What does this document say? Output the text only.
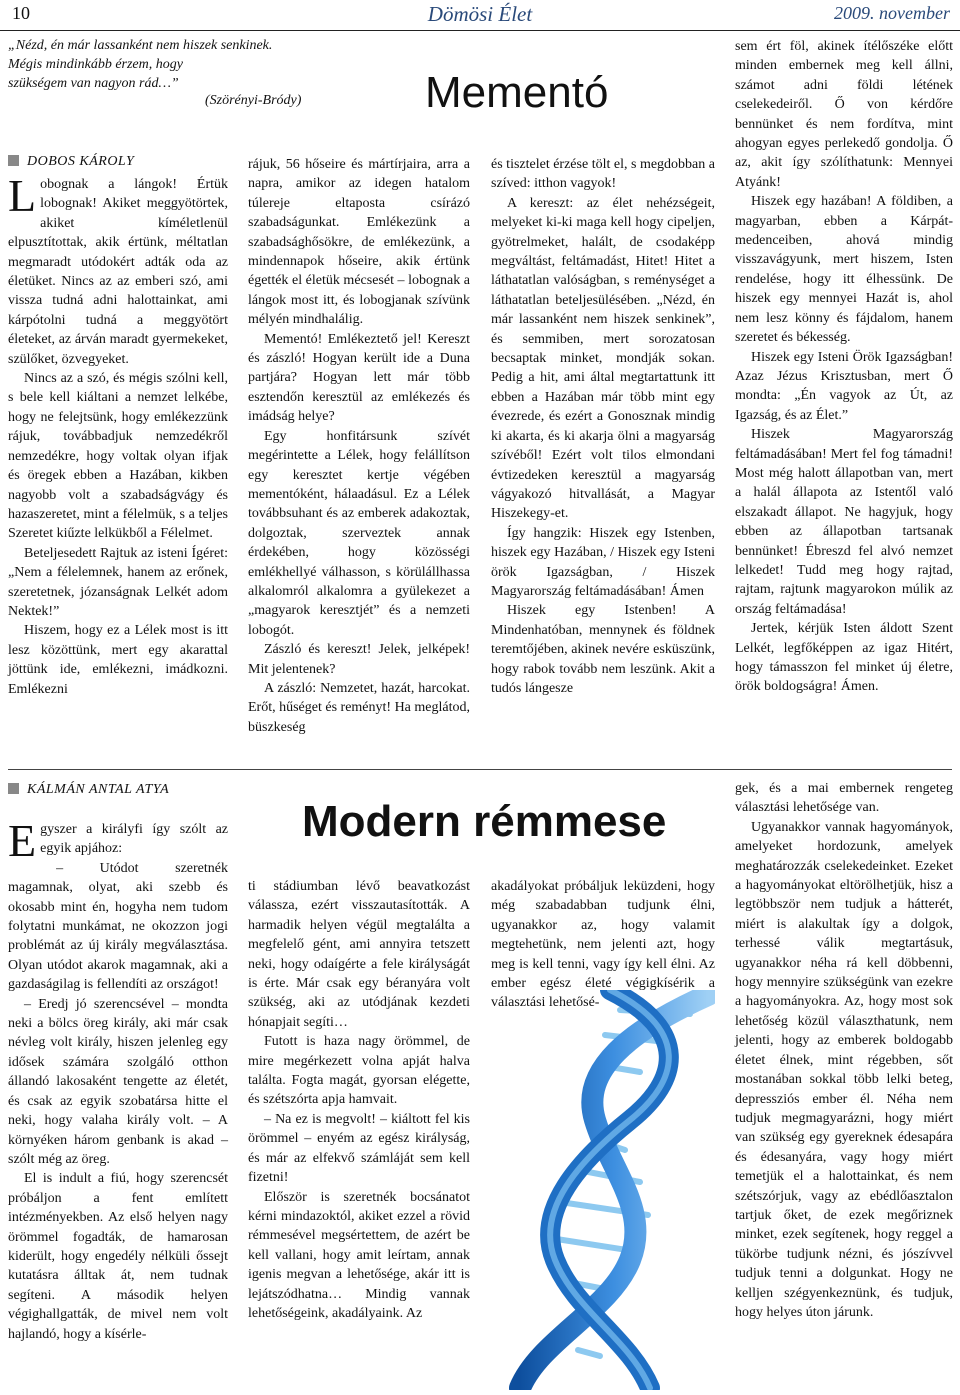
10	Dömösi Élet	2009. november
„Nézd, én már lassanként nem hiszek senkinek.
Mégis mindinkább érzem, hogy
szükségem van nagyon rád…”
(Szörényi-Bródy)	Mementó
DOBOS KÁROLY

Lobognak a lángok! Értük lobognak! Akiket meggyötörtek, akiket kíméletlenül elpusztítottak, akik értünk, méltatlan megmaradt utódokért adták oda az életüket. Nincs az az emberi szó, ami vissza tudná adni halottainkat, ami kárpótolni tudná a meggyötört életeket, az árván maradt gyermekeket, szülőket, özvegyeket.

Nincs az a szó, és mégis szólni kell, s bele kell kiáltani a nemzet lelkébe, hogy ne felejtsünk, hogy emlékezzünk rájuk, továbbadjuk nemzedékről nemzedékre, hogy voltak olyan ifjak és öregek ebben a Hazában, kikben nagyobb volt a szabadságvágy és hazaszeretet, mint a félelmük, s a teljes Szeretet kiűzte lelkükből a Félelmet.

Beteljesedett Rajtuk az isteni Ígéret: „Nem a félelemnek, hanem az erőnek, szeretetnek, józanságnak Lelkét adom Nektek!”

Hiszem, hogy ez a Lélek most is itt lesz közöttünk, mert egy akarattal jöttünk ide, emlékezni, imádkozni. Emlékezni

rájuk, 56 hőseire és mártírjaira, arra a napra, amikor az idegen hatalom túlereje eltaposta csírázó szabadságunkat. Emlékezünk a szabadsághősökre, de emlékezünk, a mindennapok hőseire, akik értünk égették el életük mécsesét – lobognak a lángok most itt, és lobogjanak szívünk mélyén mindhalálig.

Mementó! Emlékeztető jel! Kereszt és zászló! Hogyan került ide a Duna partjára? Hogyan lett már több esztendőn keresztül az emlékezés és imádság helye?

Egy honfitársunk szívét megérintette a Lélek, hogy felállítson egy keresztet kertje végében mementóként, hálaadásul. Ez a Lélek továbbsuhant és az emberek adakoztak, dolgoztak, szerveztek annak érdekében, hogy közösségi emlékhellyé válhasson, s körülállhassa alkalomról alkalomra a gyülekezet a „magyarok keresztjét” és a nemzeti lobogót.

Zászló és kereszt! Jelek, jelképek! Mit jelentenek?

A zászló: Nemzetet, hazát, harcokat. Erőt, hűséget és reményt! Ha meglátod, büszkeség

és tisztelet érzése tölt el, s megdobban a szíved: itthon vagyok!

A kereszt: az élet nehézségeit, melyeket ki-ki maga kell hogy cipeljen, gyötrelmeket, halált, de csodaképp megváltást, feltámadást, Hitet! Hitet a láthatatlan valóságban, s reménységet a láthatatlan beteljesülésében. „Nézd, én már lassanként nem hiszek senkinek”, és semmiben, mert sorozatosan becsaptak minket, mondják sokan. Pedig a hit, ami által megtartattunk itt ebben a Hazában már több mint egy évezrede, és ezért a Gonosznak mindig ki akarta, és ki akarja ölni a magyarság szívéből! Ezért volt tilos elmondani évtizedeken keresztül a magyarság vágyakozó hitvallását, a Magyar Hiszekegy-et.

Így hangzik: Hiszek egy Istenben, hiszek egy Hazában, / Hiszek egy Isteni örök Igazságban, / Hiszek Magyarország feltámadásában! Ámen

Hiszek egy Istenben! A Mindenhatóban, mennynek és földnek teremtőjében, akinek nevére esküszünk, hogy rabok tovább nem leszünk. Akit a tudós lángesze

sem ért föl, akinek ítélőszéke előtt minden embernek meg kell állni, számot adni földi létének cselekedeiről. Ő von kérdőre bennünket és nem fordítva, mint ahogyan egyes perlekedő gondolja. Ő az, akit így szólíthatunk: Mennyei Atyánk!

Hiszek egy hazában! A földiben, a magyarban, ebben a Kárpát-medenceiben, ahová mindig visszavágyunk, mert hiszem, Isten rendelése, hogy itt élhessünk. De hiszek egy mennyei Hazát is, ahol nem lesz könny és fájdalom, hanem szeretet és békesség.

Hiszek egy Isteni Örök Igazságban! Azaz Jézus Krisztusban, mert Ő mondta: „Én vagyok az Út, az Igazság, és az Élet.”

Hiszek Magyarország feltámadásában! Mert fel fog támadni! Most még halott állapotban van, mert a halál állapota az Istentől való elszakadt állapot. Ne hagyjuk, hogy ebben az állapotban tartsanak bennünket! Ébreszd fel alvó nemzet lelkedet! Tudd meg hogy rajtad, rajtam, rajtunk magyarokon múlik az ország feltámadása!

Jertek, kérjük Isten áldott Szent Lelkét, legfőképpen az igaz Hitért, hogy támasszon fel minket új életre, örök boldogságra! Ámen.

KÁLMÁN ANTAL ATYA
Modern rémmese

Egyszer a királyfi így szólt az egyik apjához:

– Utódot szeretnék magamnak, olyat, aki szebb és okosabb mint én, hogyha nem tudom folytatni munkámat, ne okozzon jogi problémát az új király megválasztása. Olyan utódot akarok magamnak, aki a gazdaságilag is fellendíti az országot!

– Eredj jó szerencsével – mondta neki a bölcs öreg király, aki már csak névleg volt király, hiszen jelenleg egy idősek számára szolgáló otthon állandó lakosaként tengette az életét, és csak az egyik szobatársa hitte el neki, hogy valaha király volt. – A környéken három genbank is akad – szólt még az öreg.

El is indult a fiú, hogy szerencsét próbáljon a fent említett intézményekben. Az első helyen nagy örömmel fogadták, de hamarosan kiderült, hogy engedély nélküli őssejt kutatásra álltak át, nem tudnak segíteni. A második helyen végighallgatták, de mivel nem volt hajlandó, hogy a kísérle-

ti stádiumban lévő beavatkozást válassza, ezért visszautasították. A harmadik helyen végül megtalálta a megfelelő gént, ami annyira tetszett neki, hogy odaígérte a fele királyságát is érte. Már csak egy béranyára volt szükség, aki az utódjának kezdeti hónapjait segíti…

Futott is haza nagy örömmel, de mire megérkezett volna apját halva találta. Fogta magát, gyorsan elégette, és szétszórta apja hamvait.

– Na ez is megvolt! – kiáltott fel kis örömmel – enyém az egész királyság, és már az elfekvő számláját sem kell fizetni!

Először is szeretnék bocsánatot kérni mindazoktól, akiket ezzel a rövid rémmesével megsértettem, de azért be kell vallani, hogy amit leírtam, annak igenis megvan a lehetősége, akár itt is lejátszódhatna… Mindig vannak lehetőségeink, akadályaink. Az

akadályokat próbáljuk leküzdeni, hogy még szabadabban tudjunk élni, ugyanakkor az, hogy valamit megtehetünk, nem jelenti azt, hogy meg is kell tenni, vagy így kell élni. Az ember egész életé végigkísérik a választási lehetősé-

gek, és a mai embernek rengeteg választási lehetősége van.

Ugyanakkor vannak hagyományok, amelyeket hordozunk, amelyek meghatározzák cselekedeinket. Ezeket a hagyományokat eltörölhetjük, hisz a legtöbbször nem tudjuk a hátterét, miért is alakultak így a dolgok, terhessé válik megtartásuk, ugyanakkor néha rá kell döbbenni, hogy mennyire szükségünk van ezekre a hagyományokra. Az, hogy most sok lehetőség közül választhatunk, nem jelenti, hogy az emberek boldogabb életet élnek, mint régebben, sőt mostanában sokkal több lelki beteg, depressziós ember él. Néha nem tudjuk megmagyarázni, hogy miért van szükség egy gyereknek édesapára és édesanyára, vagy hogy miért temetjük el a halottainkat, és nem szétszórjuk, vagy az ebédlőasztalon tartjuk őket, de ezek megőriznek minket, ezek segítenek, hogy reggel a tükörbe tudjunk nézni, és jószívvel tudjuk tenni a dolgunkat. Hogy ne kelljen szégyenkeznünk, és tudjuk, hogy helyes úton járunk.
